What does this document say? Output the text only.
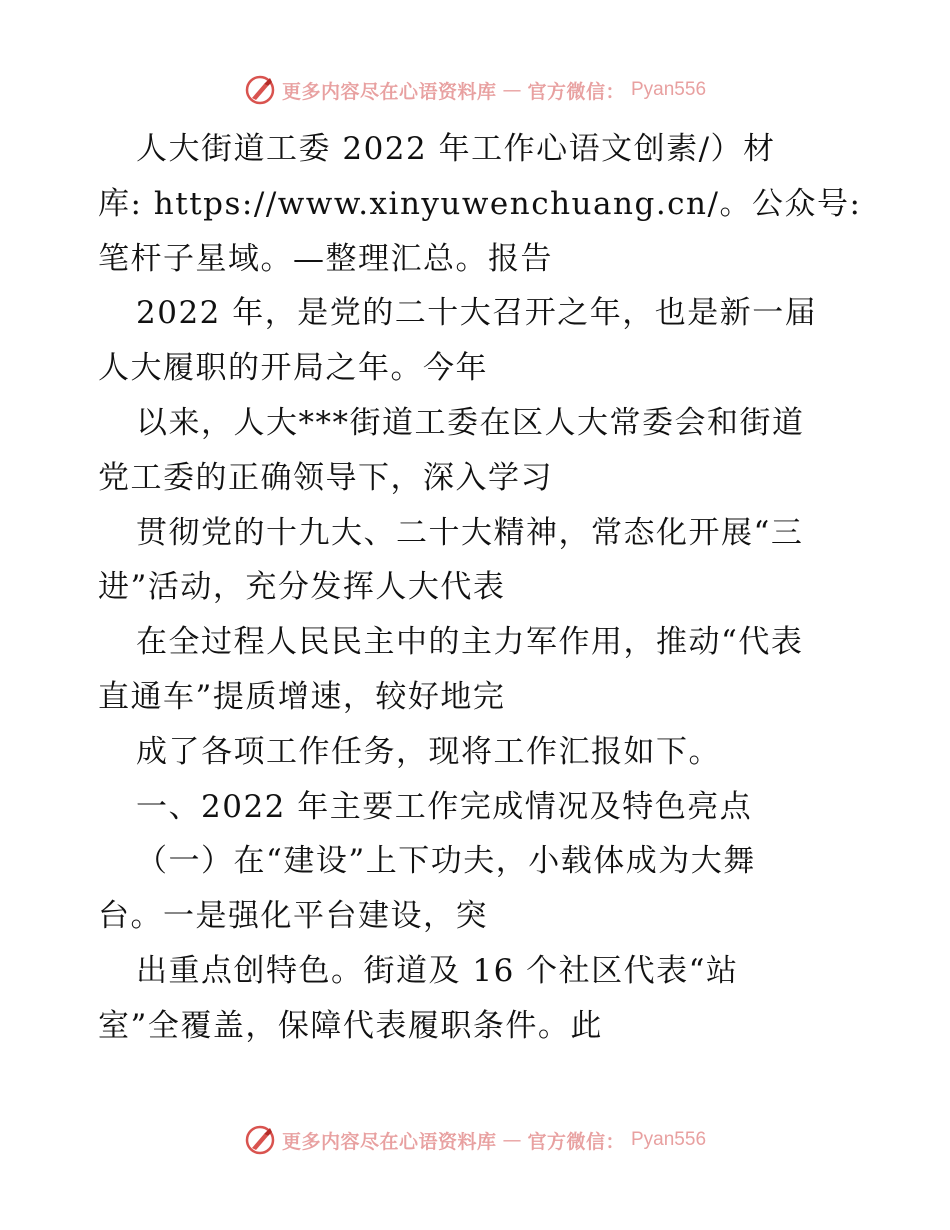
更多内容尽在心语资料库 — 官方微信： Pyan556
人大街道工委 2022 年工作心语文创素/）材
库: https://www.xinyuwenchuang.cn/。公众号:
笔杆子星域。—整理汇总。报告
2022 年，是党的二十大召开之年，也是新一届
人大履职的开局之年。今年
以来，人大***街道工委在区人大常委会和街道
党工委的正确领导下，深入学习
贯彻党的十九大、二十大精神，常态化开展“三
进”活动，充分发挥人大代表
在全过程人民民主中的主力军作用，推动“代表
直通车”提质增速，较好地完
成了各项工作任务，现将工作汇报如下。
一、2022 年主要工作完成情况及特色亮点
（一）在“建设”上下功夫，小载体成为大舞
台。一是强化平台建设，突
出重点创特色。街道及 16 个社区代表“站
室”全覆盖，保障代表履职条件。此
更多内容尽在心语资料库 — 官方微信： Pyan556
